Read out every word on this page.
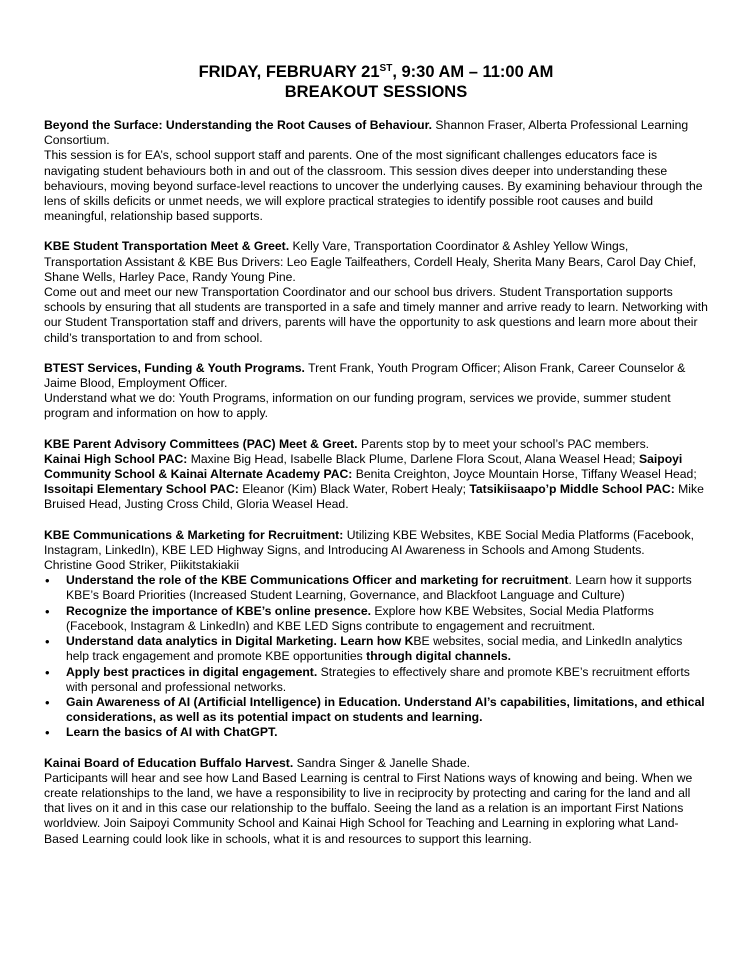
FRIDAY, FEBRUARY 21ST, 9:30 AM – 11:00 AM
BREAKOUT SESSIONS

Beyond the Surface: Understanding the Root Causes of Behaviour. Shannon Fraser, Alberta Professional Learning Consortium.

This session is for EA’s, school support staff and parents. One of the most significant challenges educators face is navigating student behaviours both in and out of the classroom. This session dives deeper into understanding these behaviours, moving beyond surface-level reactions to uncover the underlying causes. By examining behaviour through the lens of skills deficits or unmet needs, we will explore practical strategies to identify possible root causes and build meaningful, relationship based supports.

KBE Student Transportation Meet & Greet. Kelly Vare, Transportation Coordinator & Ashley Yellow Wings, Transportation Assistant & KBE Bus Drivers: Leo Eagle Tailfeathers, Cordell Healy, Sherita Many Bears, Carol Day Chief, Shane Wells, Harley Pace, Randy Young Pine.

Come out and meet our new Transportation Coordinator and our school bus drivers. Student Transportation supports schools by ensuring that all students are transported in a safe and timely manner and arrive ready to learn. Networking with our Student Transportation staff and drivers, parents will have the opportunity to ask questions and learn more about their child’s transportation to and from school.

BTEST Services, Funding & Youth Programs. Trent Frank, Youth Program Officer; Alison Frank, Career Counselor & Jaime Blood, Employment Officer.

Understand what we do: Youth Programs, information on our funding program, services we provide, summer student program and information on how to apply.

KBE Parent Advisory Committees (PAC) Meet & Greet. Parents stop by to meet your school’s PAC members.

Kainai High School PAC: Maxine Big Head, Isabelle Black Plume, Darlene Flora Scout, Alana Weasel Head; Saipoyi Community School & Kainai Alternate Academy PAC: Benita Creighton, Joyce Mountain Horse, Tiffany Weasel Head; Issoitapi Elementary School PAC: Eleanor (Kim) Black Water, Robert Healy; Tatsikiisaapo’p Middle School PAC: Mike Bruised Head, Justing Cross Child, Gloria Weasel Head.

KBE Communications & Marketing for Recruitment: Utilizing KBE Websites, KBE Social Media Platforms (Facebook, Instagram, LinkedIn), KBE LED Highway Signs, and Introducing AI Awareness in Schools and Among Students.

Christine Good Striker, Piikitstakiakii

• Understand the role of the KBE Communications Officer and marketing for recruitment. Learn how it supports KBE’s Board Priorities (Increased Student Learning, Governance, and Blackfoot Language and Culture)
• Recognize the importance of KBE’s online presence. Explore how KBE Websites, Social Media Platforms (Facebook, Instagram & LinkedIn) and KBE LED Signs contribute to engagement and recruitment.
• Understand data analytics in Digital Marketing. Learn how KBE websites, social media, and LinkedIn analytics help track engagement and promote KBE opportunities through digital channels.
• Apply best practices in digital engagement. Strategies to effectively share and promote KBE’s recruitment efforts with personal and professional networks.
• Gain Awareness of AI (Artificial Intelligence) in Education. Understand AI’s capabilities, limitations, and ethical considerations, as well as its potential impact on students and learning.
• Learn the basics of AI with ChatGPT.

Kainai Board of Education Buffalo Harvest. Sandra Singer & Janelle Shade.

Participants will hear and see how Land Based Learning is central to First Nations ways of knowing and being. When we create relationships to the land, we have a responsibility to live in reciprocity by protecting and caring for the land and all that lives on it and in this case our relationship to the buffalo. Seeing the land as a relation is an important First Nations worldview. Join Saipoyi Community School and Kainai High School for Teaching and Learning in exploring what Land-Based Learning could look like in schools, what it is and resources to support this learning.
